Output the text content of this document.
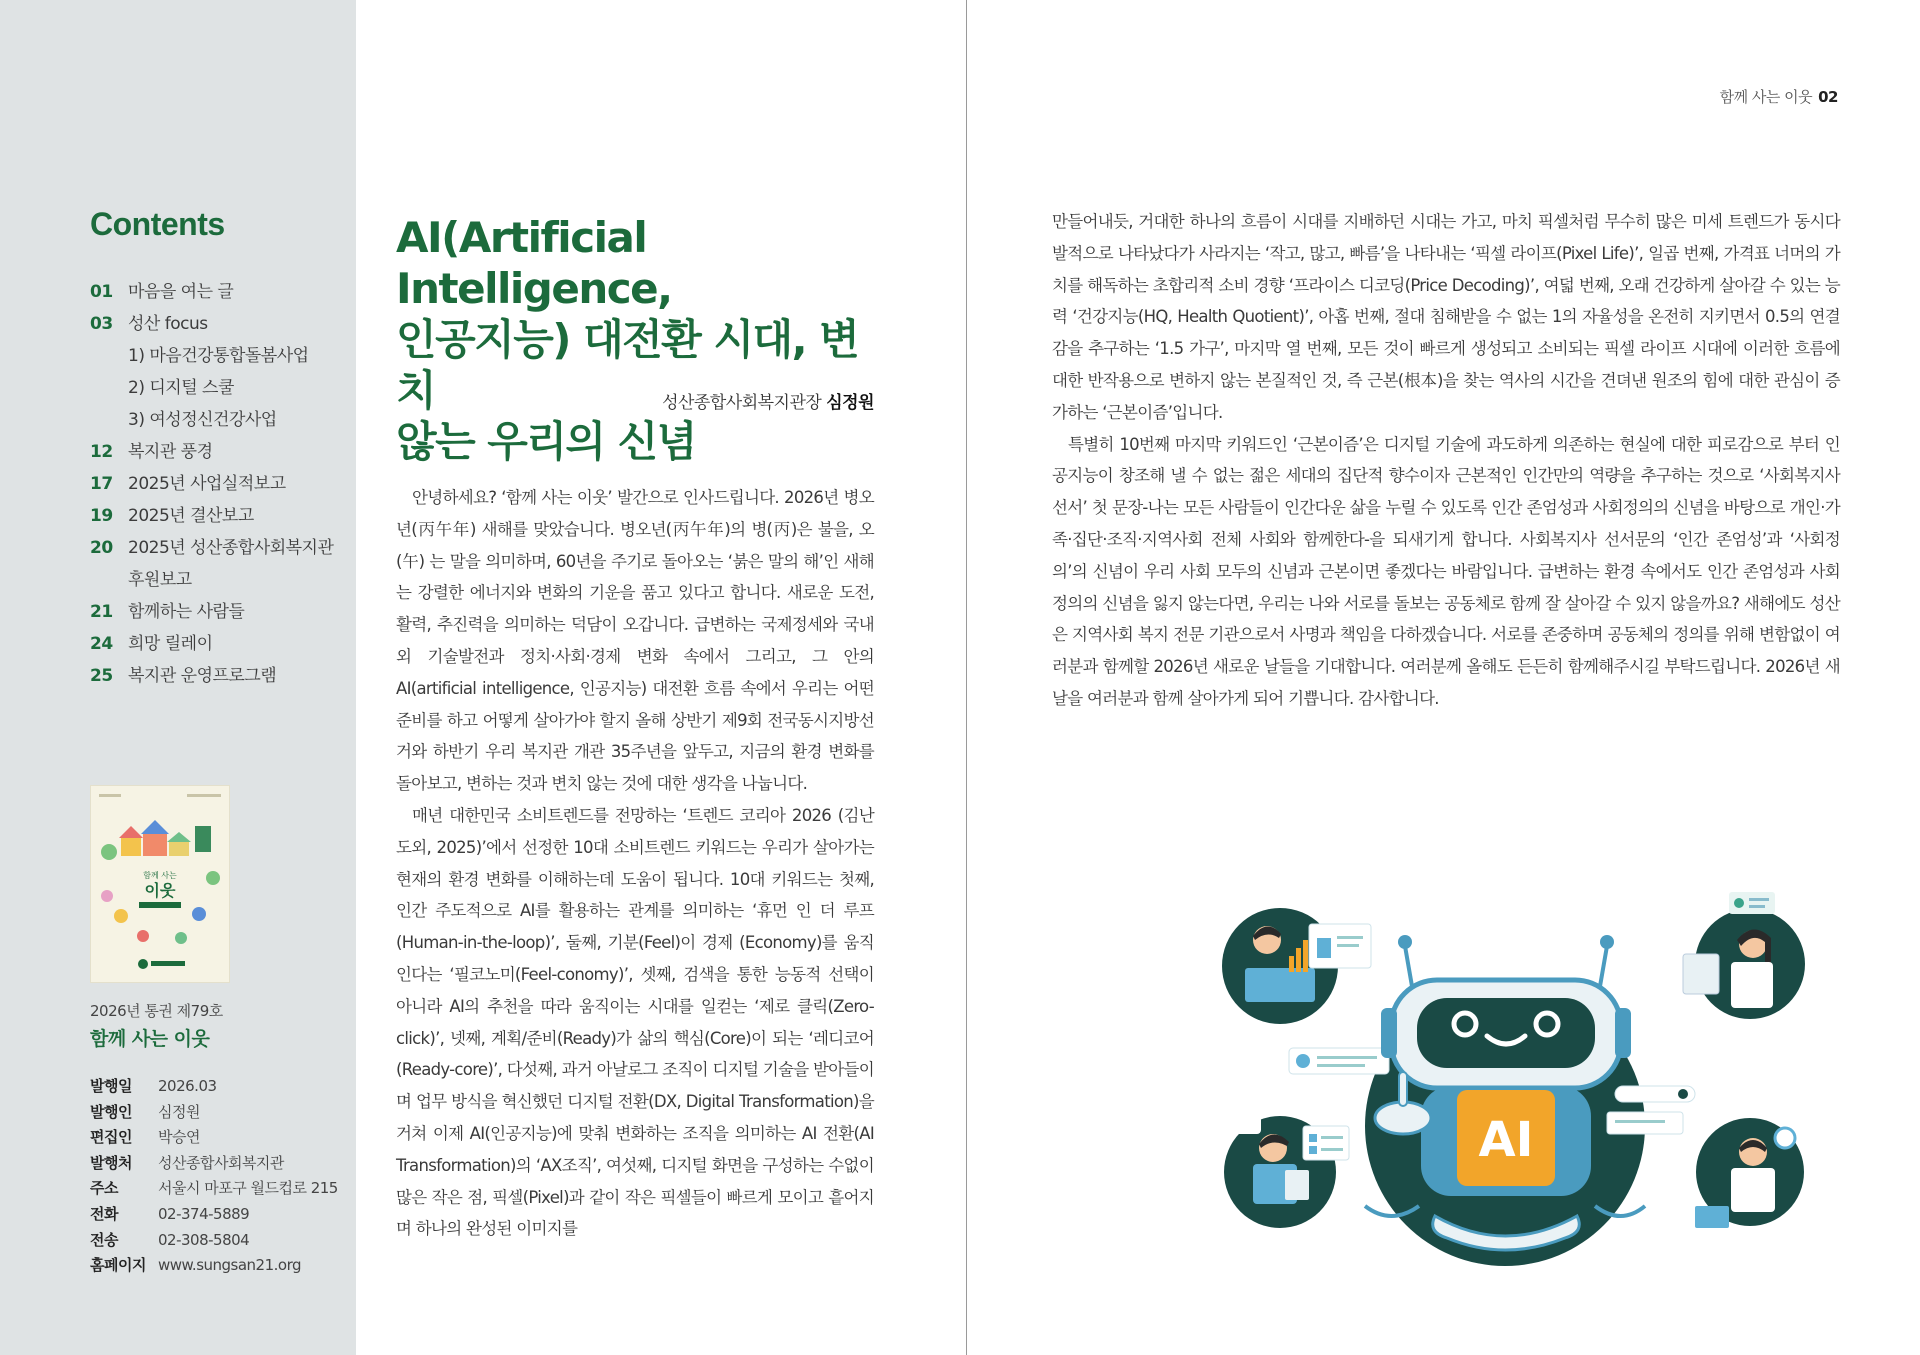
Contents
01 마음을 여는 글
03 성산 focus
1) 마음건강통합돌봄사업
2) 디지털 스쿨
3) 여성정신건강사업
12 복지관 풍경
17 2025년 사업실적보고
19 2025년 결산보고
20 2025년 성산종합사회복지관 후원보고
21 함께하는 사람들
24 희망 릴레이
25 복지관 운영프로그램
함께 사는
이웃
2026년 통권 제79호
함께 사는 이웃
발행일	2026.03
발행인	심정원
편집인	박승연
발행처	성산종합사회복지관
주소	서울시 마포구 월드컵로 215
전화	02-374-5889
전송	02-308-5804
홈페이지 www.sungsan21.org
AI(Artificial Intelligence,
인공지능) 대전환 시대, 변치
않는 우리의 신념
성산종합사회복지관장 심정원

안녕하세요? ‘함께 사는 이웃’ 발간으로 인사드립니다. 2026년 병오년(丙午年) 새해를 맞았습니다. 병오년(丙午年)의 병(丙)은 불을, 오(午) 는 말을 의미하며, 60년을 주기로 돌아오는 ‘붉은 말의 해’인 새해는 강렬한 에너지와 변화의 기운을 품고 있다고 합니다. 새로운 도전, 활력, 추진력을 의미하는 덕담이 오갑니다. 급변하는 국제정세와 국내외 기술발전과 정치·사회·경제 변화 속에서 그리고, 그 안의 AI(artificial intelligence, 인공지능) 대전환 흐름 속에서 우리는 어떤 준비를 하고 어떻게 살아가야 할지 올해 상반기 제9회 전국동시지방선거와 하반기 우리 복지관 개관 35주년을 앞두고, 지금의 환경 변화를 돌아보고, 변하는 것과 변치 않는 것에 대한 생각을 나눕니다.

매년 대한민국 소비트렌드를 전망하는 ‘트렌드 코리아 2026 (김난도외, 2025)’에서 선정한 10대 소비트렌드 키워드는 우리가 살아가는 현재의 환경 변화를 이해하는데 도움이 됩니다. 10대 키워드는 첫째, 인간 주도적으로 AI를 활용하는 관계를 의미하는 ‘휴먼 인 더 루프(Human-in-the-loop)’, 둘째, 기분(Feel)이 경제 (Economy)를 움직인다는 ‘필코노미(Feel-conomy)’, 셋째, 검색을 통한 능동적 선택이 아니라 AI의 추천을 따라 움직이는 시대를 일컫는 ‘제로 클릭(Zero-click)’, 넷째, 계획/준비(Ready)가 삶의 핵심(Core)이 되는 ‘레디코어(Ready-core)’, 다섯째, 과거 아날로그 조직이 디지털 기술을 받아들이며 업무 방식을 혁신했던 디지털 전환(DX, Digital Transformation)을 거쳐 이제 AI(인공지능)에 맞춰 변화하는 조직을 의미하는 AI 전환(AI Transformation)의 ‘AX조직’, 여섯째, 디지털 화면을 구성하는 수없이 많은 작은 점, 픽셀(Pixel)과 같이 작은 픽셀들이 빠르게 모이고 흩어지며 하나의 완성된 이미지를

함께 사는 이웃 02

만들어내듯, 거대한 하나의 흐름이 시대를 지배하던 시대는 가고, 마치 픽셀처럼 무수히 많은 미세 트렌드가 동시다발적으로 나타났다가 사라지는 ‘작고, 많고, 빠름’을 나타내는 ‘픽셀 라이프(Pixel Life)’, 일곱 번째, 가격표 너머의 가치를 해독하는 초합리적 소비 경향 ‘프라이스 디코딩(Price Decoding)’, 여덟 번째, 오래 건강하게 살아갈 수 있는 능력 ‘건강지능(HQ, Health Quotient)’, 아홉 번째, 절대 침해받을 수 없는 1의 자율성을 온전히 지키면서 0.5의 연결감을 추구하는 ‘1.5 가구’, 마지막 열 번째, 모든 것이 빠르게 생성되고 소비되는 픽셀 라이프 시대에 이러한 흐름에 대한 반작용으로 변하지 않는 본질적인 것, 즉 근본(根本)을 찾는 역사의 시간을 견뎌낸 원조의 힘에 대한 관심이 증가하는 ‘근본이즘’입니다.

특별히 10번째 마지막 키워드인 ‘근본이즘’은 디지털 기술에 과도하게 의존하는 현실에 대한 피로감으로 부터 인공지능이 창조해 낼 수 없는 젊은 세대의 집단적 향수이자 근본적인 인간만의 역량을 추구하는 것으로 ‘사회복지사 선서’ 첫 문장-나는 모든 사람들이 인간다운 삶을 누릴 수 있도록 인간 존엄성과 사회정의의 신념을 바탕으로 개인·가족·집단·조직·지역사회 전체 사회와 함께한다-을 되새기게 합니다. 사회복지사 선서문의 ‘인간 존엄성’과 ‘사회정의’의 신념이 우리 사회 모두의 신념과 근본이면 좋겠다는 바람입니다. 급변하는 환경 속에서도 인간 존엄성과 사회정의의 신념을 잃지 않는다면, 우리는 나와 서로를 돌보는 공동체로 함께 잘 살아갈 수 있지 않을까요? 새해에도 성산은 지역사회 복지 전문 기관으로서 사명과 책임을 다하겠습니다. 서로를 존중하며 공동체의 정의를 위해 변함없이 여러분과 함께할 2026년 새로운 날들을 기대합니다. 여러분께 올해도 든든히 함께해주시길 부탁드립니다. 2026년 새날을 여러분과 함께 살아가게 되어 기쁩니다. 감사합니다.

AI
